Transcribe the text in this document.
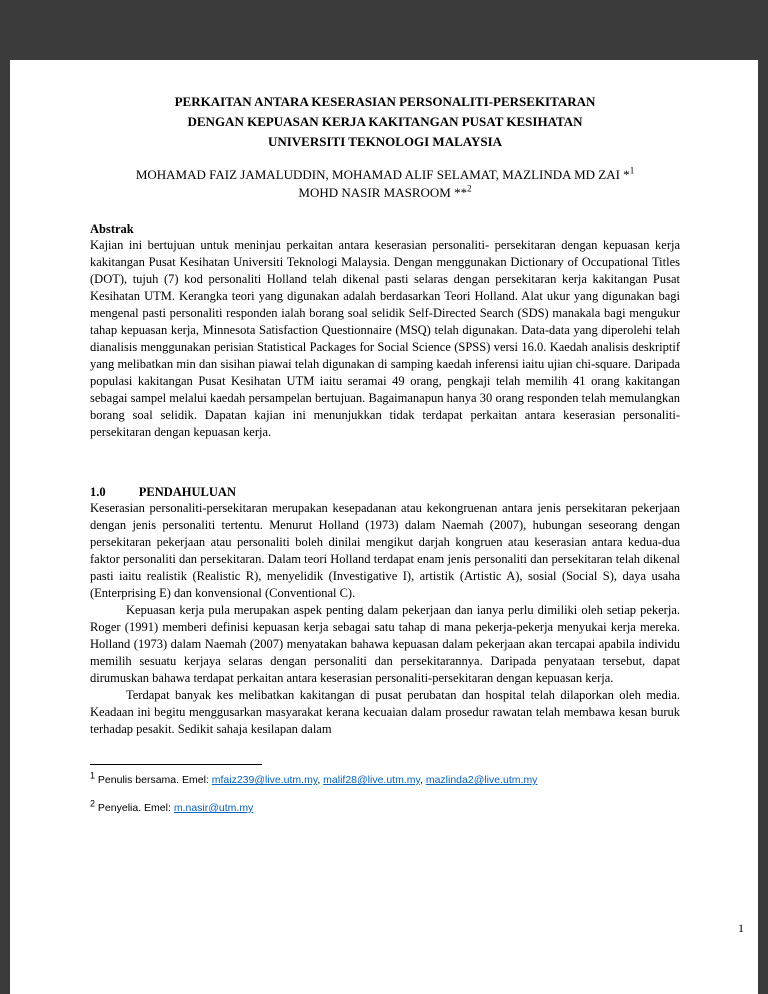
PERKAITAN ANTARA KESERASIAN PERSONALITI-PERSEKITARAN
DENGAN KEPUASAN KERJA KAKITANGAN PUSAT KESIHATAN
UNIVERSITI TEKNOLOGI MALAYSIA
MOHAMAD FAIZ JAMALUDDIN, MOHAMAD ALIF SELAMAT, MAZLINDA MD ZAI *$^1$
MOHD NASIR MASROOM **$^2$
Abstrak

Kajian ini bertujuan untuk meninjau perkaitan antara keserasian personaliti- persekitaran dengan kepuasan kerja kakitangan Pusat Kesihatan Universiti Teknologi Malaysia. Dengan menggunakan Dictionary of Occupational Titles (DOT), tujuh (7) kod personaliti Holland telah dikenal pasti selaras dengan persekitaran kerja kakitangan Pusat Kesihatan UTM. Kerangka teori yang digunakan adalah berdasarkan Teori Holland. Alat ukur yang digunakan bagi mengenal pasti personaliti responden ialah borang soal selidik Self-Directed Search (SDS) manakala bagi mengukur tahap kepuasan kerja, Minnesota Satisfaction Questionnaire (MSQ) telah digunakan. Data-data yang diperolehi telah dianalisis menggunakan perisian Statistical Packages for Social Science (SPSS) versi 16.0. Kaedah analisis deskriptif yang melibatkan min dan sisihan piawai telah digunakan di samping kaedah inferensi iaitu ujian chi-square. Daripada populasi kakitangan Pusat Kesihatan UTM iaitu seramai 49 orang, pengkaji telah memilih 41 orang kakitangan sebagai sampel melalui kaedah persampelan bertujuan. Bagaimanapun hanya 30 orang responden telah memulangkan borang soal selidik. Dapatan kajian ini menunjukkan tidak terdapat perkaitan antara keserasian personaliti-persekitaran dengan kepuasan kerja.

1.0	PENDAHULUAN

Keserasian personaliti-persekitaran merupakan kesepadanan atau kekongruenan antara jenis persekitaran pekerjaan dengan jenis personaliti tertentu. Menurut Holland (1973) dalam Naemah (2007), hubungan seseorang dengan persekitaran pekerjaan atau personaliti boleh dinilai mengikut darjah kongruen atau keserasian antara kedua-dua faktor personaliti dan persekitaran. Dalam teori Holland terdapat enam jenis personaliti dan persekitaran telah dikenal pasti iaitu realistik (Realistic R), menyelidik (Investigative I), artistik (Artistic A), sosial (Social S), daya usaha (Enterprising E) dan konvensional (Conventional C).

Kepuasan kerja pula merupakan aspek penting dalam pekerjaan dan ianya perlu dimiliki oleh setiap pekerja. Roger (1991) memberi definisi kepuasan kerja sebagai satu tahap di mana pekerja-pekerja menyukai kerja mereka. Holland (1973) dalam Naemah (2007) menyatakan bahawa kepuasan dalam pekerjaan akan tercapai apabila individu memilih sesuatu kerjaya selaras dengan personaliti dan persekitarannya. Daripada penyataan tersebut, dapat dirumuskan bahawa terdapat perkaitan antara keserasian personaliti-persekitaran dengan kepuasan kerja.

Terdapat banyak kes melibatkan kakitangan di pusat perubatan dan hospital telah dilaporkan oleh media. Keadaan ini begitu menggusarkan masyarakat kerana kecuaian dalam prosedur rawatan telah membawa kesan buruk terhadap pesakit. Sedikit sahaja kesilapan dalam

$^1$ Penulis bersama. Emel: mfaiz239@live.utm.my, malif28@live.utm.my, mazlinda2@live.utm.my

$^2$ Penyelia. Emel: m.nasir@utm.my

1
